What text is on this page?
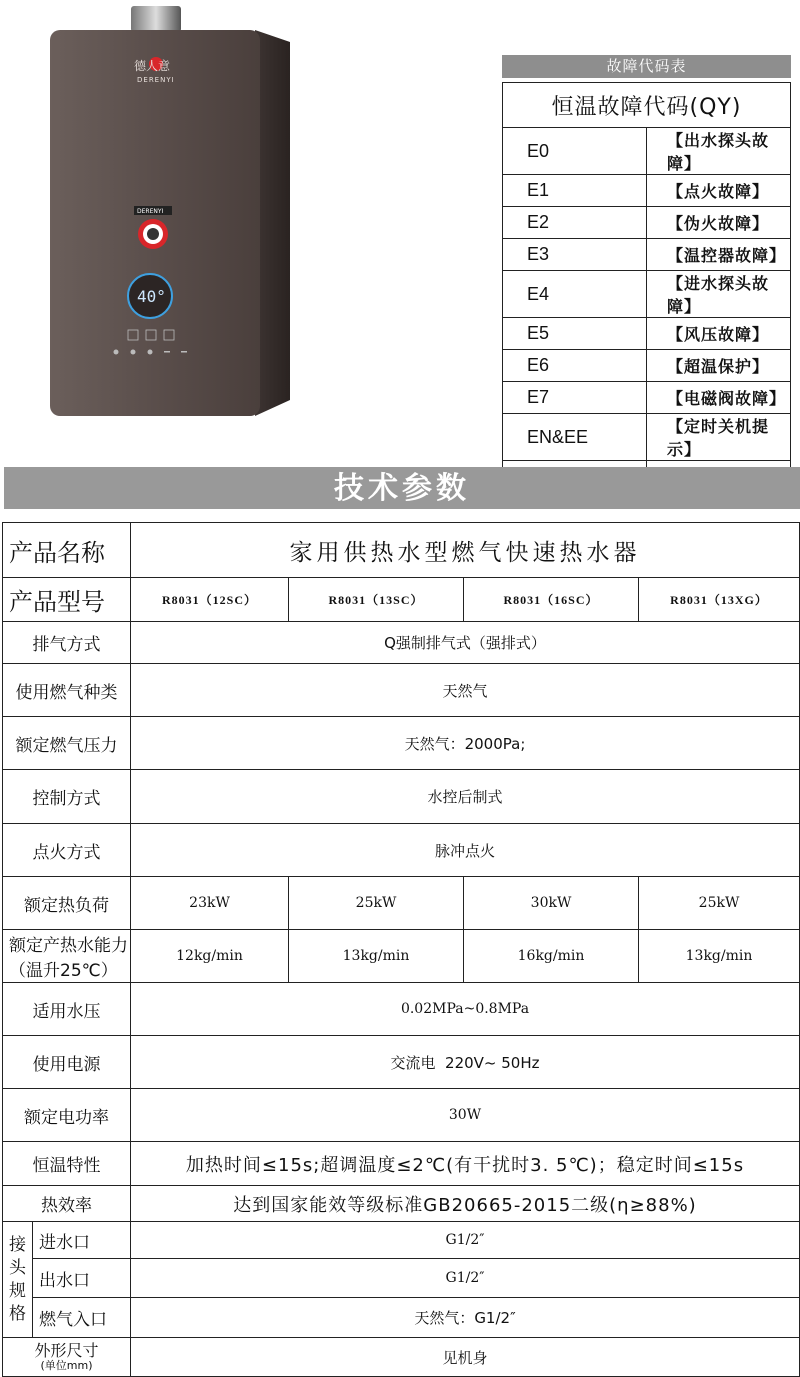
德人意
DERENYI
DERENYI
40°
故障代码表
恒温故障代码(QY)	
E0	【出水探头故障】
E1	【点火故障】
E2	【伪火故障】
E3	【温控器故障】
E4	【进水探头故障】
E5	【风压故障】
E6	【超温保护】
E7	【电磁阀故障】
EN&EE	【定时关机提示】

技术参数
产品名称		家用供热水型燃气快速热水器			
产品型号		R8031（12SC）	R8031（13SC）	R8031（16SC）	R8031（13XG）
排气方式		Q强制排气式（强排式）			
使用燃气种类		天然气			
额定燃气压力		天然气：2000Pa;			
控制方式		水控后制式			
点火方式		脉冲点火			
额定热负荷		23kW	25kW	30kW	25kW
额定产热水能力（温升25℃）		12kg/min	13kg/min	16kg/min	13kg/min
适用水压		0.02MPa~0.8MPa			
使用电源		交流电  220V~ 50Hz			
额定电功率		30W			
恒温特性		加热时间≤15s;超调温度≤2℃(有干扰时3. 5℃)；稳定时间≤15s			
热效率		达到国家能效等级标准GB20665-2015二级(η≥88%)			

接头规格	进水口	G1/2″			
	出水口	G1/2″			
	燃气入口	天然气：G1/2″			

外形尺寸
(单位mm)		见机身			
